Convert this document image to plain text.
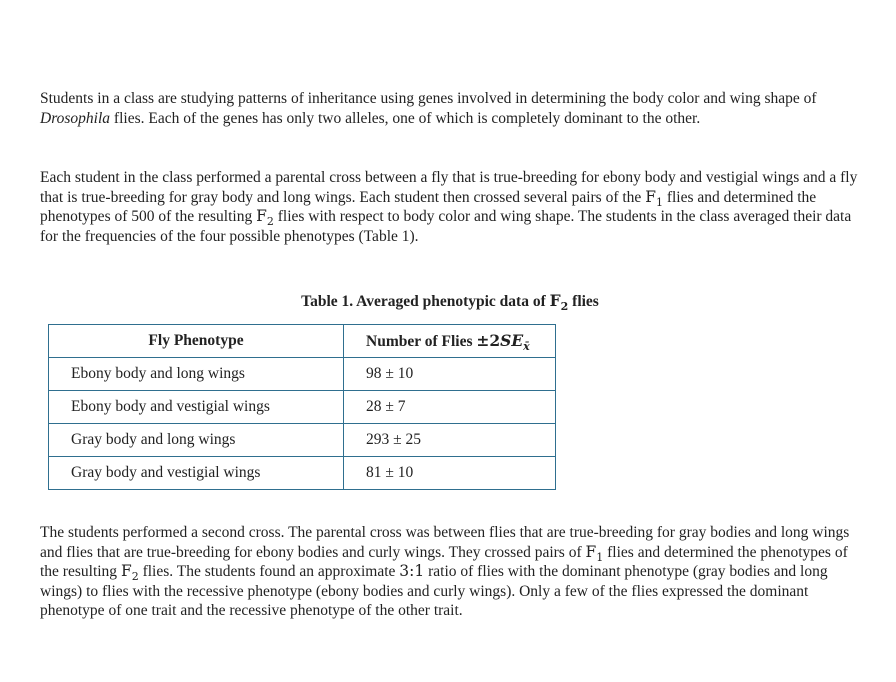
Students in a class are studying patterns of inheritance using genes involved in determining the body color and wing shape of Drosophila flies. Each of the genes has only two alleles, one of which is completely dominant to the other.

Each student in the class performed a parental cross between a fly that is true-breeding for ebony body and vestigial wings and a fly that is true-breeding for gray body and long wings. Each student then crossed several pairs of the $F_1$ flies and determined the phenotypes of 500 of the resulting $F_2$ flies with respect to body color and wing shape. The students in the class averaged their data for the frequencies of the four possible phenotypes (Table 1).

Table 1. Averaged phenotypic data of $F_2$ flies
Fly Phenotype	Number of Flies $\pm 2SE_{x̄}$
Ebony body and long wings	98 ± 10
Ebony body and vestigial wings	28 ± 7
Gray body and long wings	293 ± 25
Gray body and vestigial wings	81 ± 10

The students performed a second cross. The parental cross was between flies that are true-breeding for gray bodies and long wings and flies that are true-breeding for ebony bodies and curly wings. They crossed pairs of $F_1$ flies and determined the phenotypes of the resulting $F_2$ flies. The students found an approximate 3:1 ratio of flies with the dominant phenotype (gray bodies and long wings) to flies with the recessive phenotype (ebony bodies and curly wings). Only a few of the flies expressed the dominant phenotype of one trait and the recessive phenotype of the other trait.
